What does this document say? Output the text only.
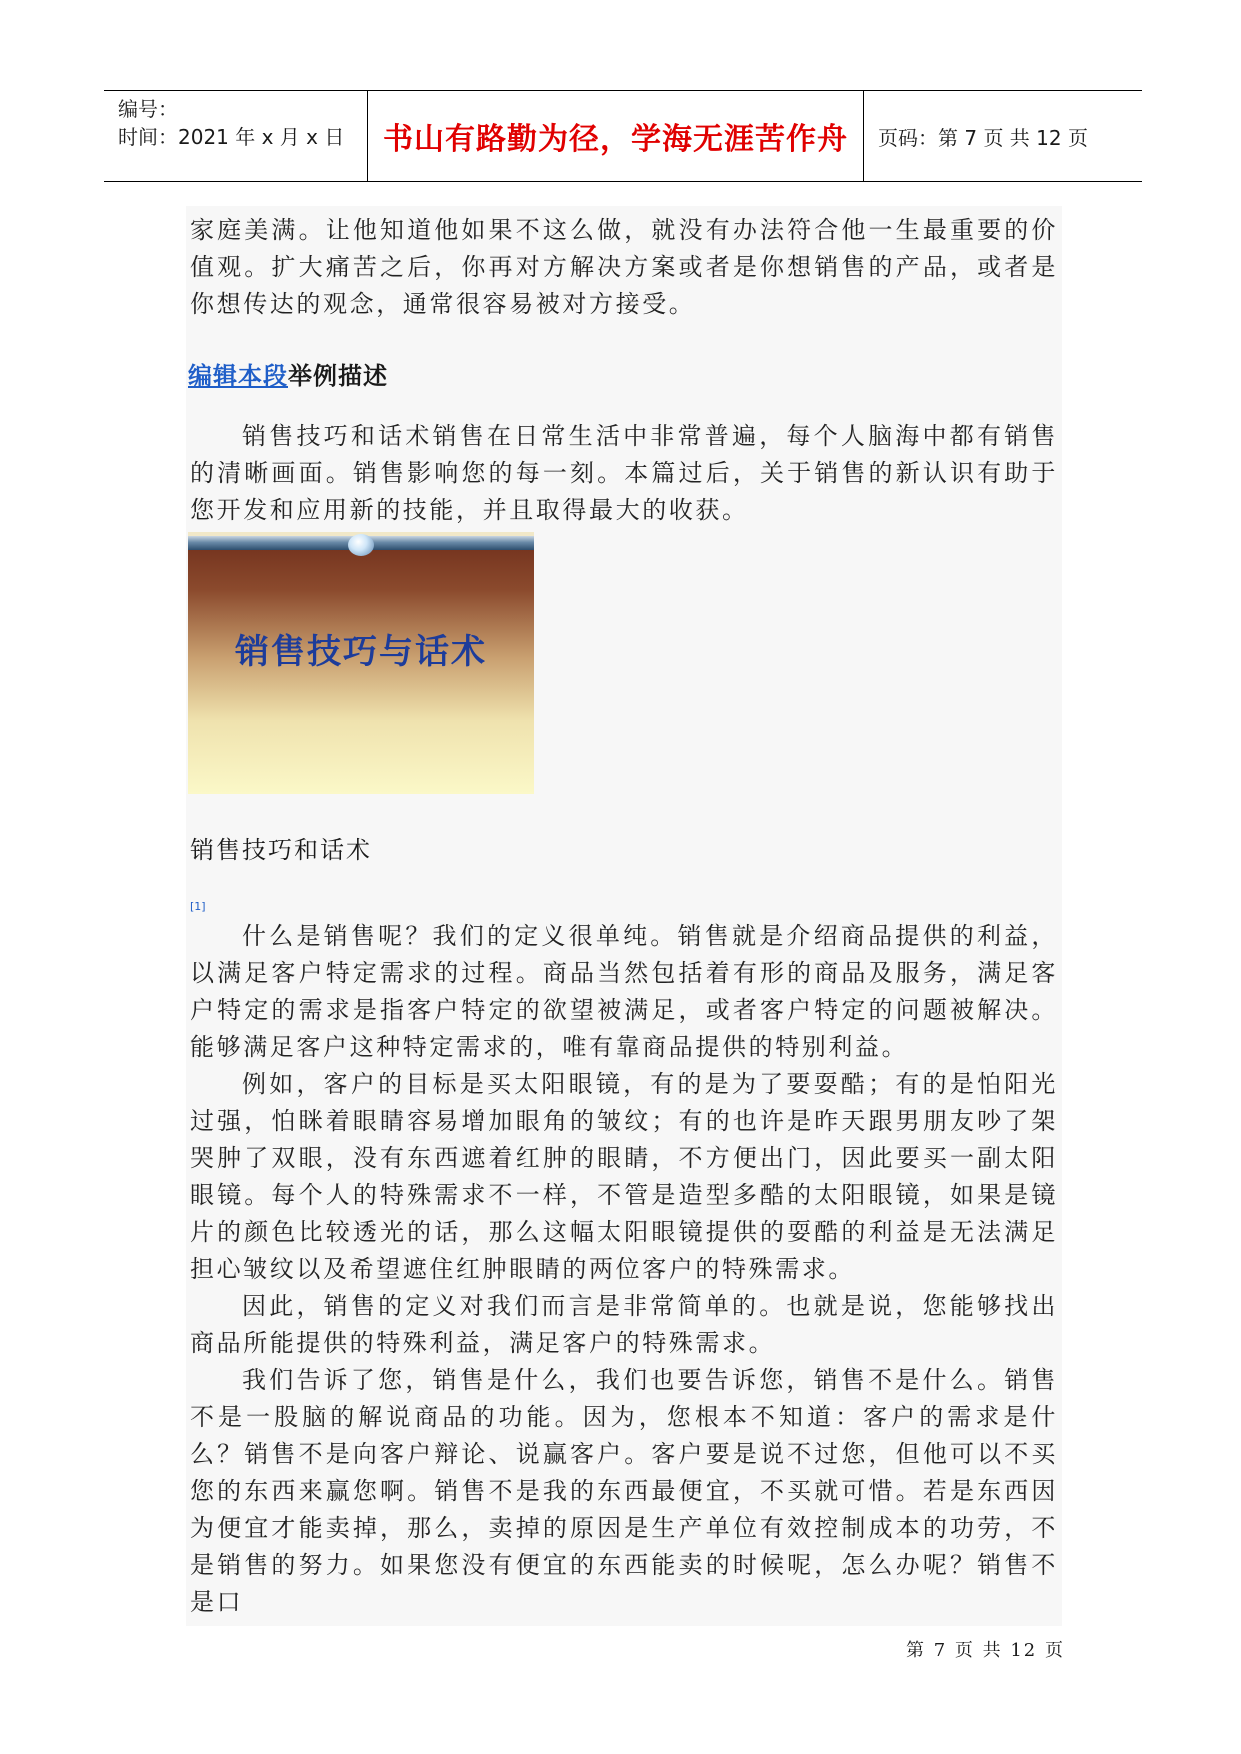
编号：
时间：2021 年 x 月 x 日	书山有路勤为径，学海无涯苦作舟	页码：第 7 页 共 12 页
家庭美满。让他知道他如果不这么做，就没有办法符合他一生最重要的价值观。扩大痛苦之后，你再对方解决方案或者是你想销售的产品，或者是你想传达的观念，通常很容易被对方接受。
编辑本段举例描述
销售技巧和话术销售在日常生活中非常普遍，每个人脑海中都有销售的清晰画面。销售影响您的每一刻。本篇过后，关于销售的新认识有助于您开发和应用新的技能，并且取得最大的收获。
销售技巧与话术
销售技巧和话术
[1]
什么是销售呢？我们的定义很单纯。销售就是介绍商品提供的利益，以满足客户特定需求的过程。商品当然包括着有形的商品及服务，满足客户特定的需求是指客户特定的欲望被满足，或者客户特定的问题被解决。能够满足客户这种特定需求的，唯有靠商品提供的特别利益。
例如，客户的目标是买太阳眼镜，有的是为了要耍酷；有的是怕阳光过强，怕眯着眼睛容易增加眼角的皱纹；有的也许是昨天跟男朋友吵了架哭肿了双眼，没有东西遮着红肿的眼睛，不方便出门，因此要买一副太阳眼镜。每个人的特殊需求不一样，不管是造型多酷的太阳眼镜，如果是镜片的颜色比较透光的话，那么这幅太阳眼镜提供的耍酷的利益是无法满足担心皱纹以及希望遮住红肿眼睛的两位客户的特殊需求。
因此，销售的定义对我们而言是非常简单的。也就是说，您能够找出商品所能提供的特殊利益，满足客户的特殊需求。
我们告诉了您，销售是什么，我们也要告诉您，销售不是什么。销售不是一股脑的解说商品的功能。因为，您根本不知道：客户的需求是什么？销售不是向客户辩论、说赢客户。客户要是说不过您，但他可以不买您的东西来赢您啊。销售不是我的东西最便宜，不买就可惜。若是东西因为便宜才能卖掉，那么，卖掉的原因是生产单位有效控制成本的功劳，不是销售的努力。如果您没有便宜的东西能卖的时候呢，怎么办呢？销售不是口
第 7 页 共 12 页
